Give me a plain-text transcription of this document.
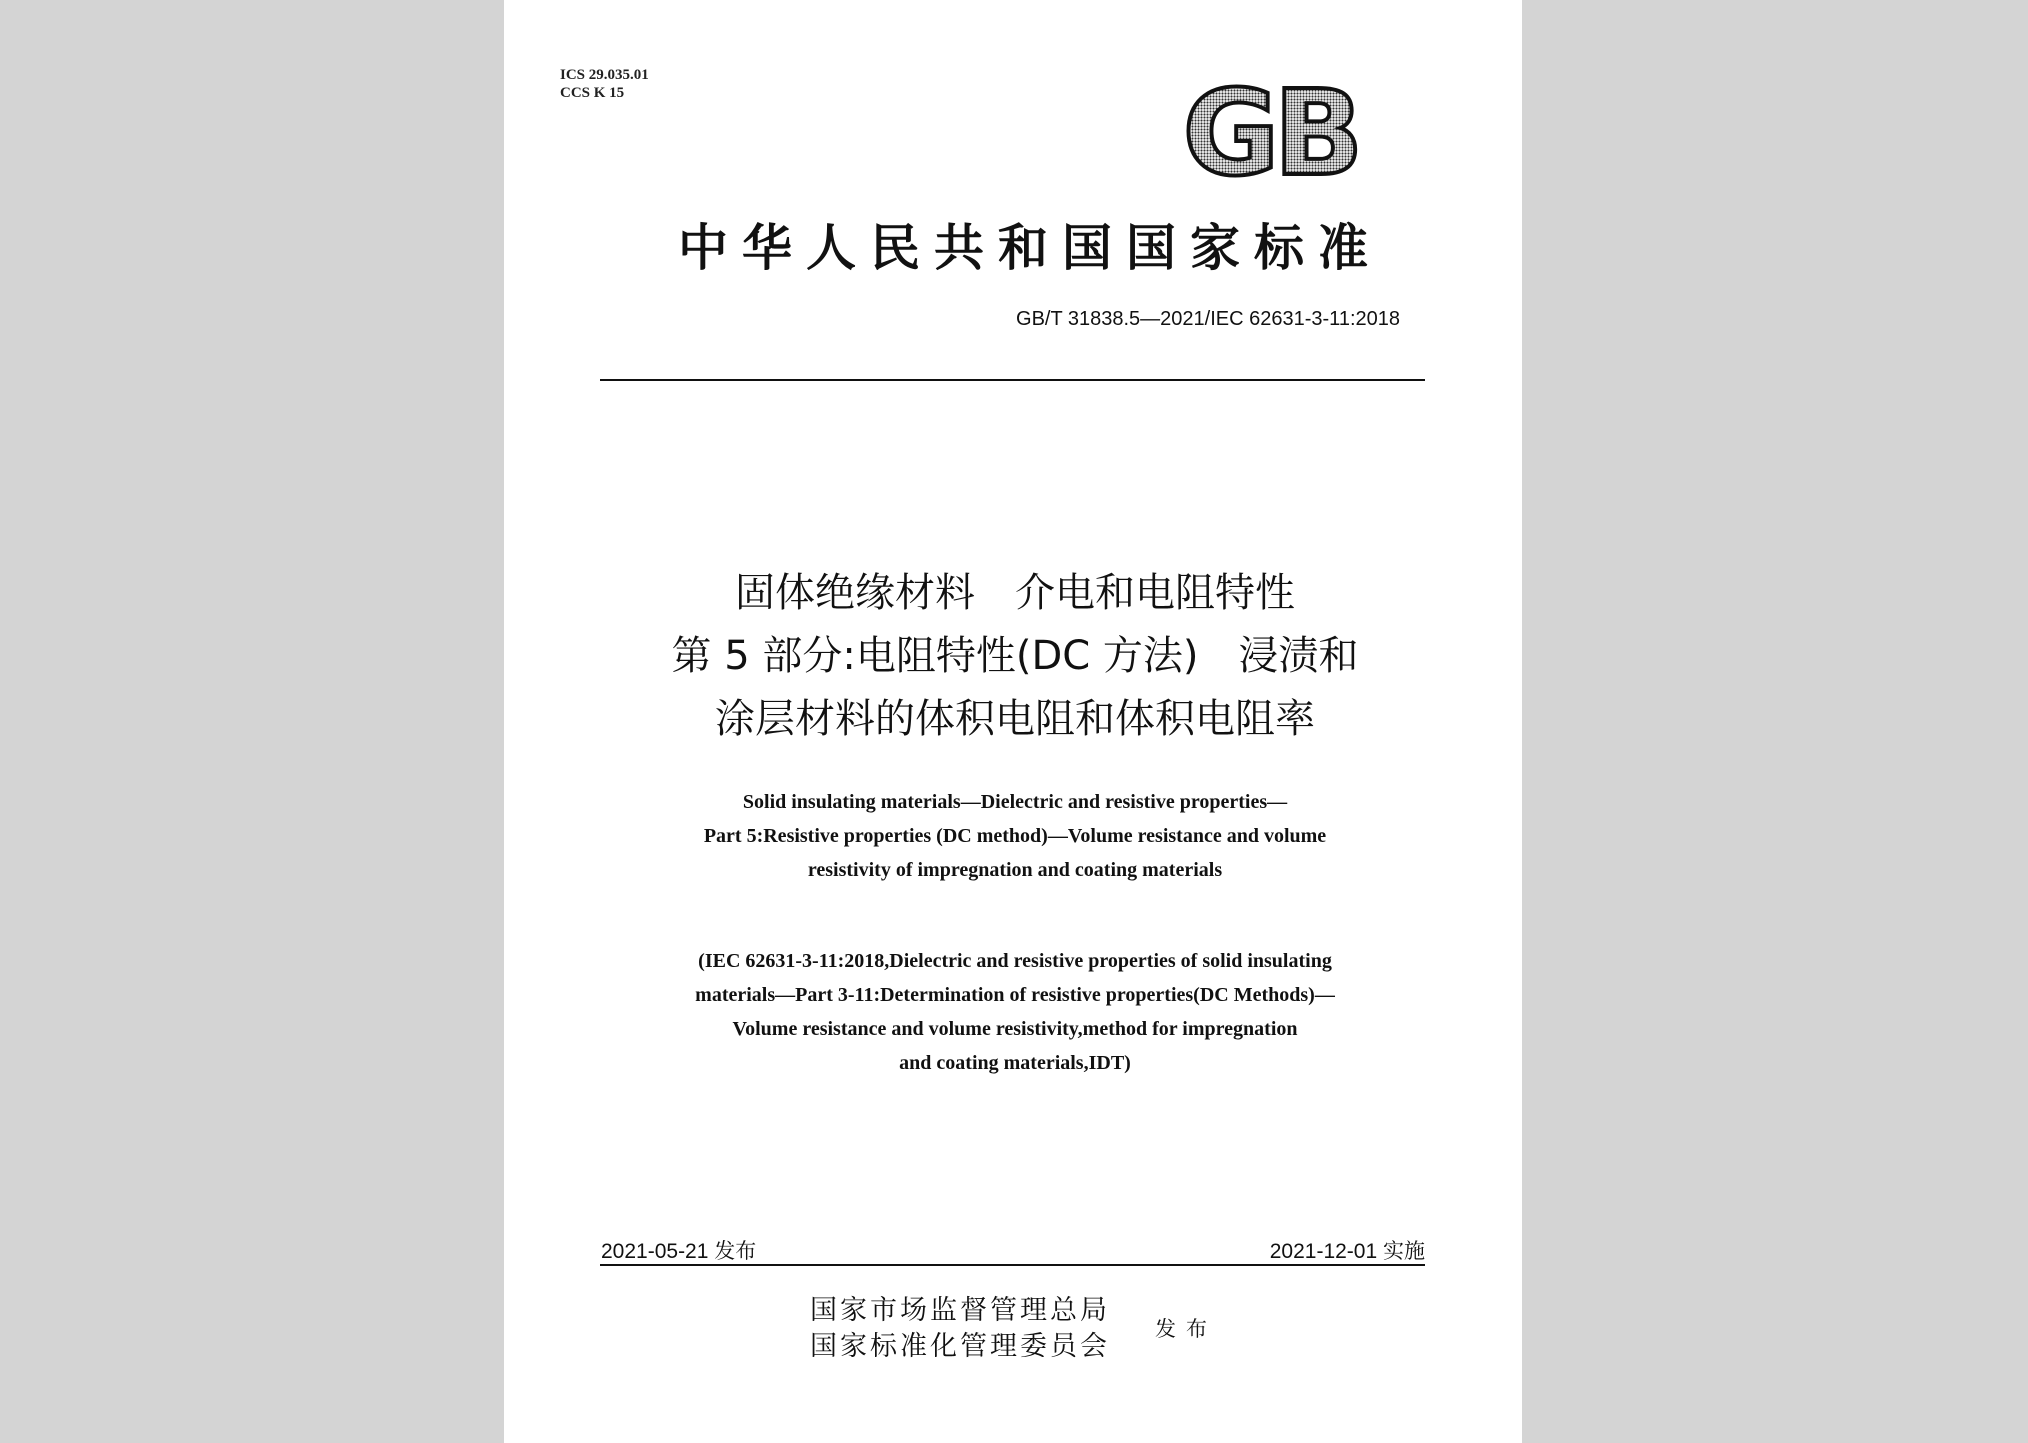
ICS 29.035.01
CCS K 15	GB
中华人民共和国国家标准
GB/T 31838.5—2021/IEC 62631-3-11:2018
固体绝缘材料　介电和电阻特性
第 5 部分:电阻特性(DC 方法)　浸渍和
涂层材料的体积电阻和体积电阻率
Solid insulating materials—Dielectric and resistive properties—
Part 5:Resistive properties (DC method)—Volume resistance and volume
resistivity of impregnation and coating materials
(IEC 62631-3-11:2018,Dielectric and resistive properties of solid insulating
materials—Part 3-11:Determination of resistive properties(DC Methods)—
Volume resistance and volume resistivity,method for impregnation
and coating materials,IDT)
2021-05-21 发布	2021-12-01 实施
国家市场监督管理总局
国家标准化管理委员会
发布
